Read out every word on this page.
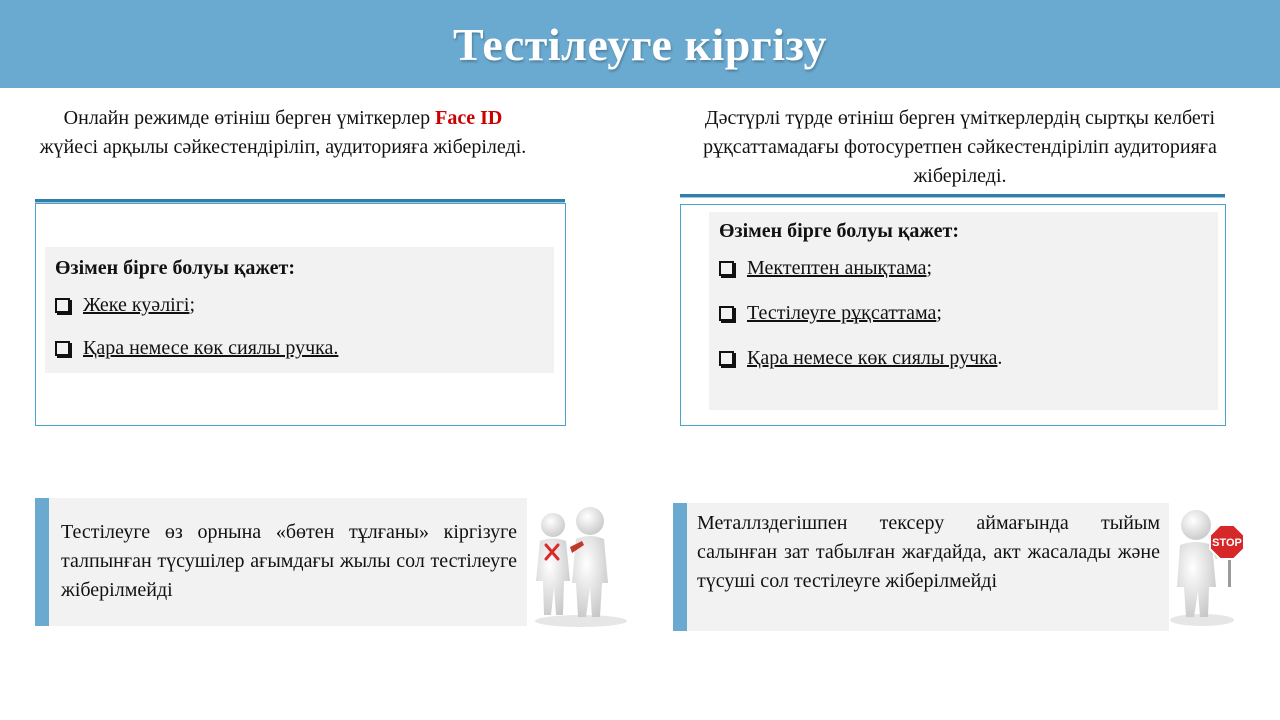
Тестілеуге кіргізу
Онлайн режимде өтініш берген үміткерлер Face ID
жүйесі арқылы сәйкестендіріліп, аудиторияға жіберіледі.

Өзімен бірге болуы қажет:

Жеке куәлігі ;
Қара немесе көк сиялы ручка.
Тестілеуге өз орнына «бөтен тұлғаны» кіргізуге талпынған түсушілер ағымдағы жылы сол тестілеуге жіберілмейді
Дәстүрлі түрде өтініш берген үміткерлердің сыртқы келбеті рұқсаттамадағы фотосуретпен сәйкестендіріліп аудиторияға жіберіледі.

Өзімен бірге болуы қажет:

Мектептен анықтама ;
Тестілеуге рұқсаттама ;
Қара немесе көк сиялы ручка .
Металлздегішпен тексеру аймағында тыйым салынған зат табылған жағдайда, акт жасалады және түсуші сол тестілеуге жіберілмейді
STOP
